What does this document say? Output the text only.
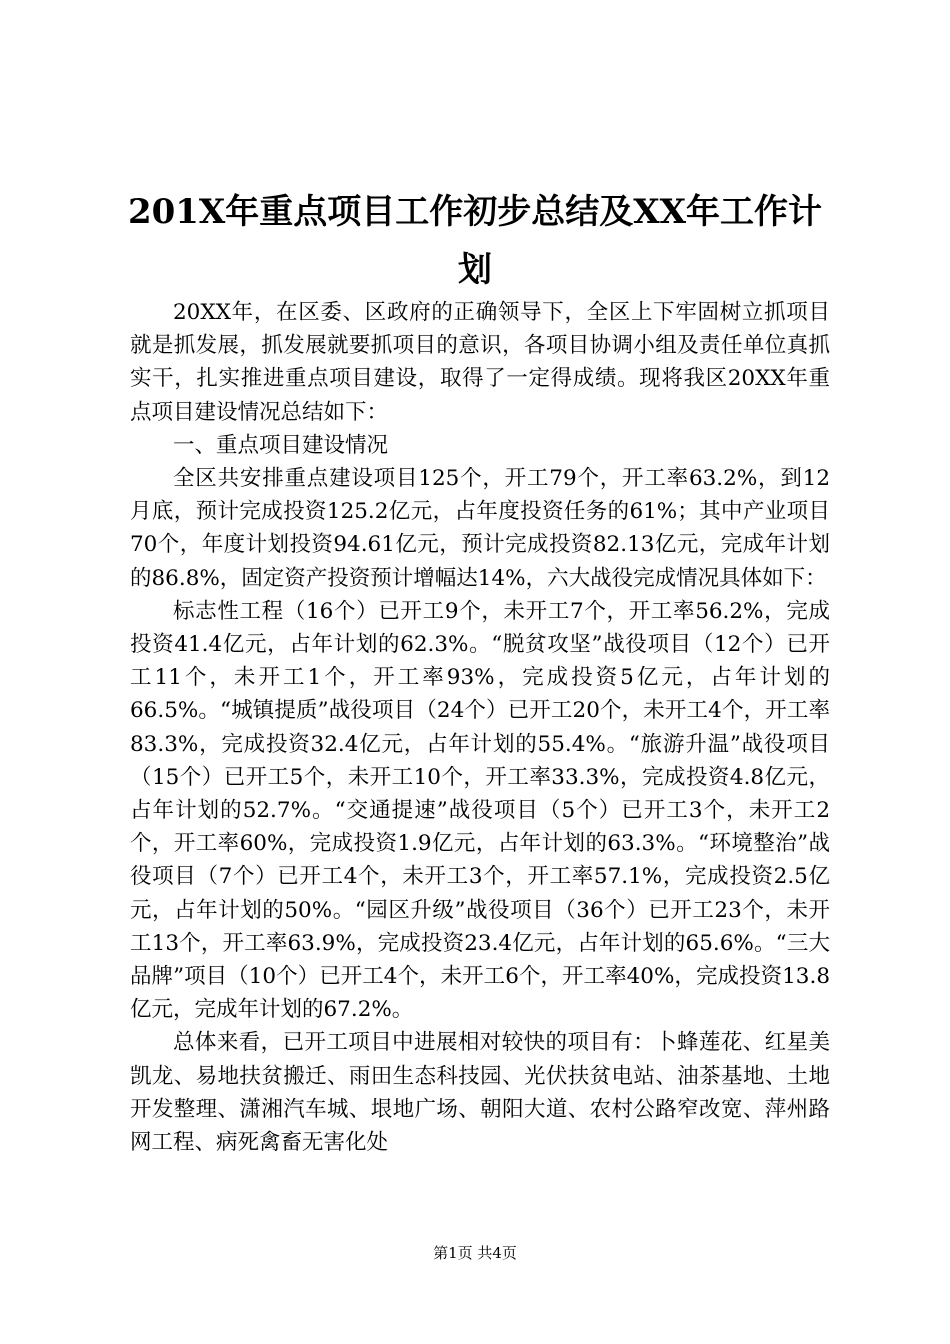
201X年重点项目工作初步总结及XX年工作计划

20XX年，在区委、区政府的正确领导下，全区上下牢固树立抓项目就是抓发展，抓发展就要抓项目的意识，各项目协调小组及责任单位真抓实干，扎实推进重点项目建设，取得了一定得成绩。现将我区20XX年重点项目建设情况总结如下：

一、重点项目建设情况

全区共安排重点建设项目125个，开工79个，开工率63.2%，到12月底，预计完成投资125.2亿元，占年度投资任务的61%；其中产业项目70个，年度计划投资94.61亿元，预计完成投资82.13亿元，完成年计划的86.8%，固定资产投资预计增幅达14%，六大战役完成情况具体如下：

标志性工程（16个）已开工9个，未开工7个，开工率56.2%，完成投资41.4亿元，占年计划的62.3%。“脱贫攻坚”战役项目（12个）已开工11个，未开工1个，开工率93%，完成投资5亿元，占年计划的66.5%。“城镇提质”战役项目（24个）已开工20个，未开工4个，开工率83.3%，完成投资32.4亿元，占年计划的55.4%。“旅游升温”战役项目（15个）已开工5个，未开工10个，开工率33.3%，完成投资4.8亿元，占年计划的52.7%。“交通提速”战役项目（5个）已开工3个，未开工2个，开工率60%，完成投资1.9亿元，占年计划的63.3%。“环境整治”战役项目（7个）已开工4个，未开工3个，开工率57.1%，完成投资2.5亿元，占年计划的50%。“园区升级”战役项目（36个）已开工23个，未开工13个，开工率63.9%，完成投资23.4亿元，占年计划的65.6%。“三大品牌”项目（10个）已开工4个，未开工6个，开工率40%，完成投资13.8亿元，完成年计划的67.2%。

总体来看，已开工项目中进展相对较快的项目有：卜蜂莲花、红星美凯龙、易地扶贫搬迁、雨田生态科技园、光伏扶贫电站、油茶基地、土地开发整理、潇湘汽车城、垠地广场、朝阳大道、农村公路窄改宽、萍州路网工程、病死禽畜无害化处

第1页 共4页
